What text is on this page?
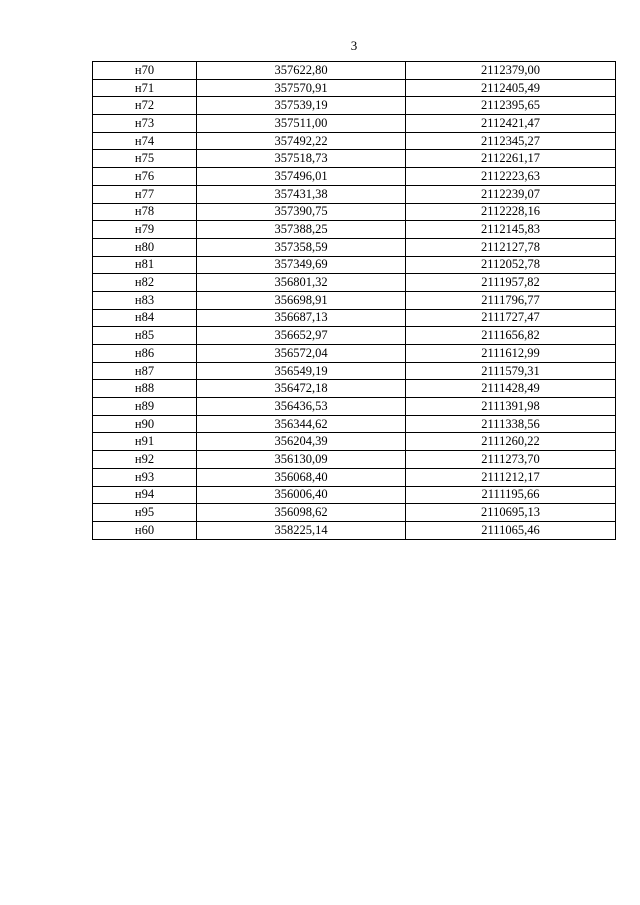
3
н70	357622,80	2112379,00
н71	357570,91	2112405,49
н72	357539,19	2112395,65
н73	357511,00	2112421,47
н74	357492,22	2112345,27
н75	357518,73	2112261,17
н76	357496,01	2112223,63
н77	357431,38	2112239,07
н78	357390,75	2112228,16
н79	357388,25	2112145,83
н80	357358,59	2112127,78
н81	357349,69	2112052,78
н82	356801,32	2111957,82
н83	356698,91	2111796,77
н84	356687,13	2111727,47
н85	356652,97	2111656,82
н86	356572,04	2111612,99
н87	356549,19	2111579,31
н88	356472,18	2111428,49
н89	356436,53	2111391,98
н90	356344,62	2111338,56
н91	356204,39	2111260,22
н92	356130,09	2111273,70
н93	356068,40	2111212,17
н94	356006,40	2111195,66
н95	356098,62	2110695,13
н60	358225,14	2111065,46
